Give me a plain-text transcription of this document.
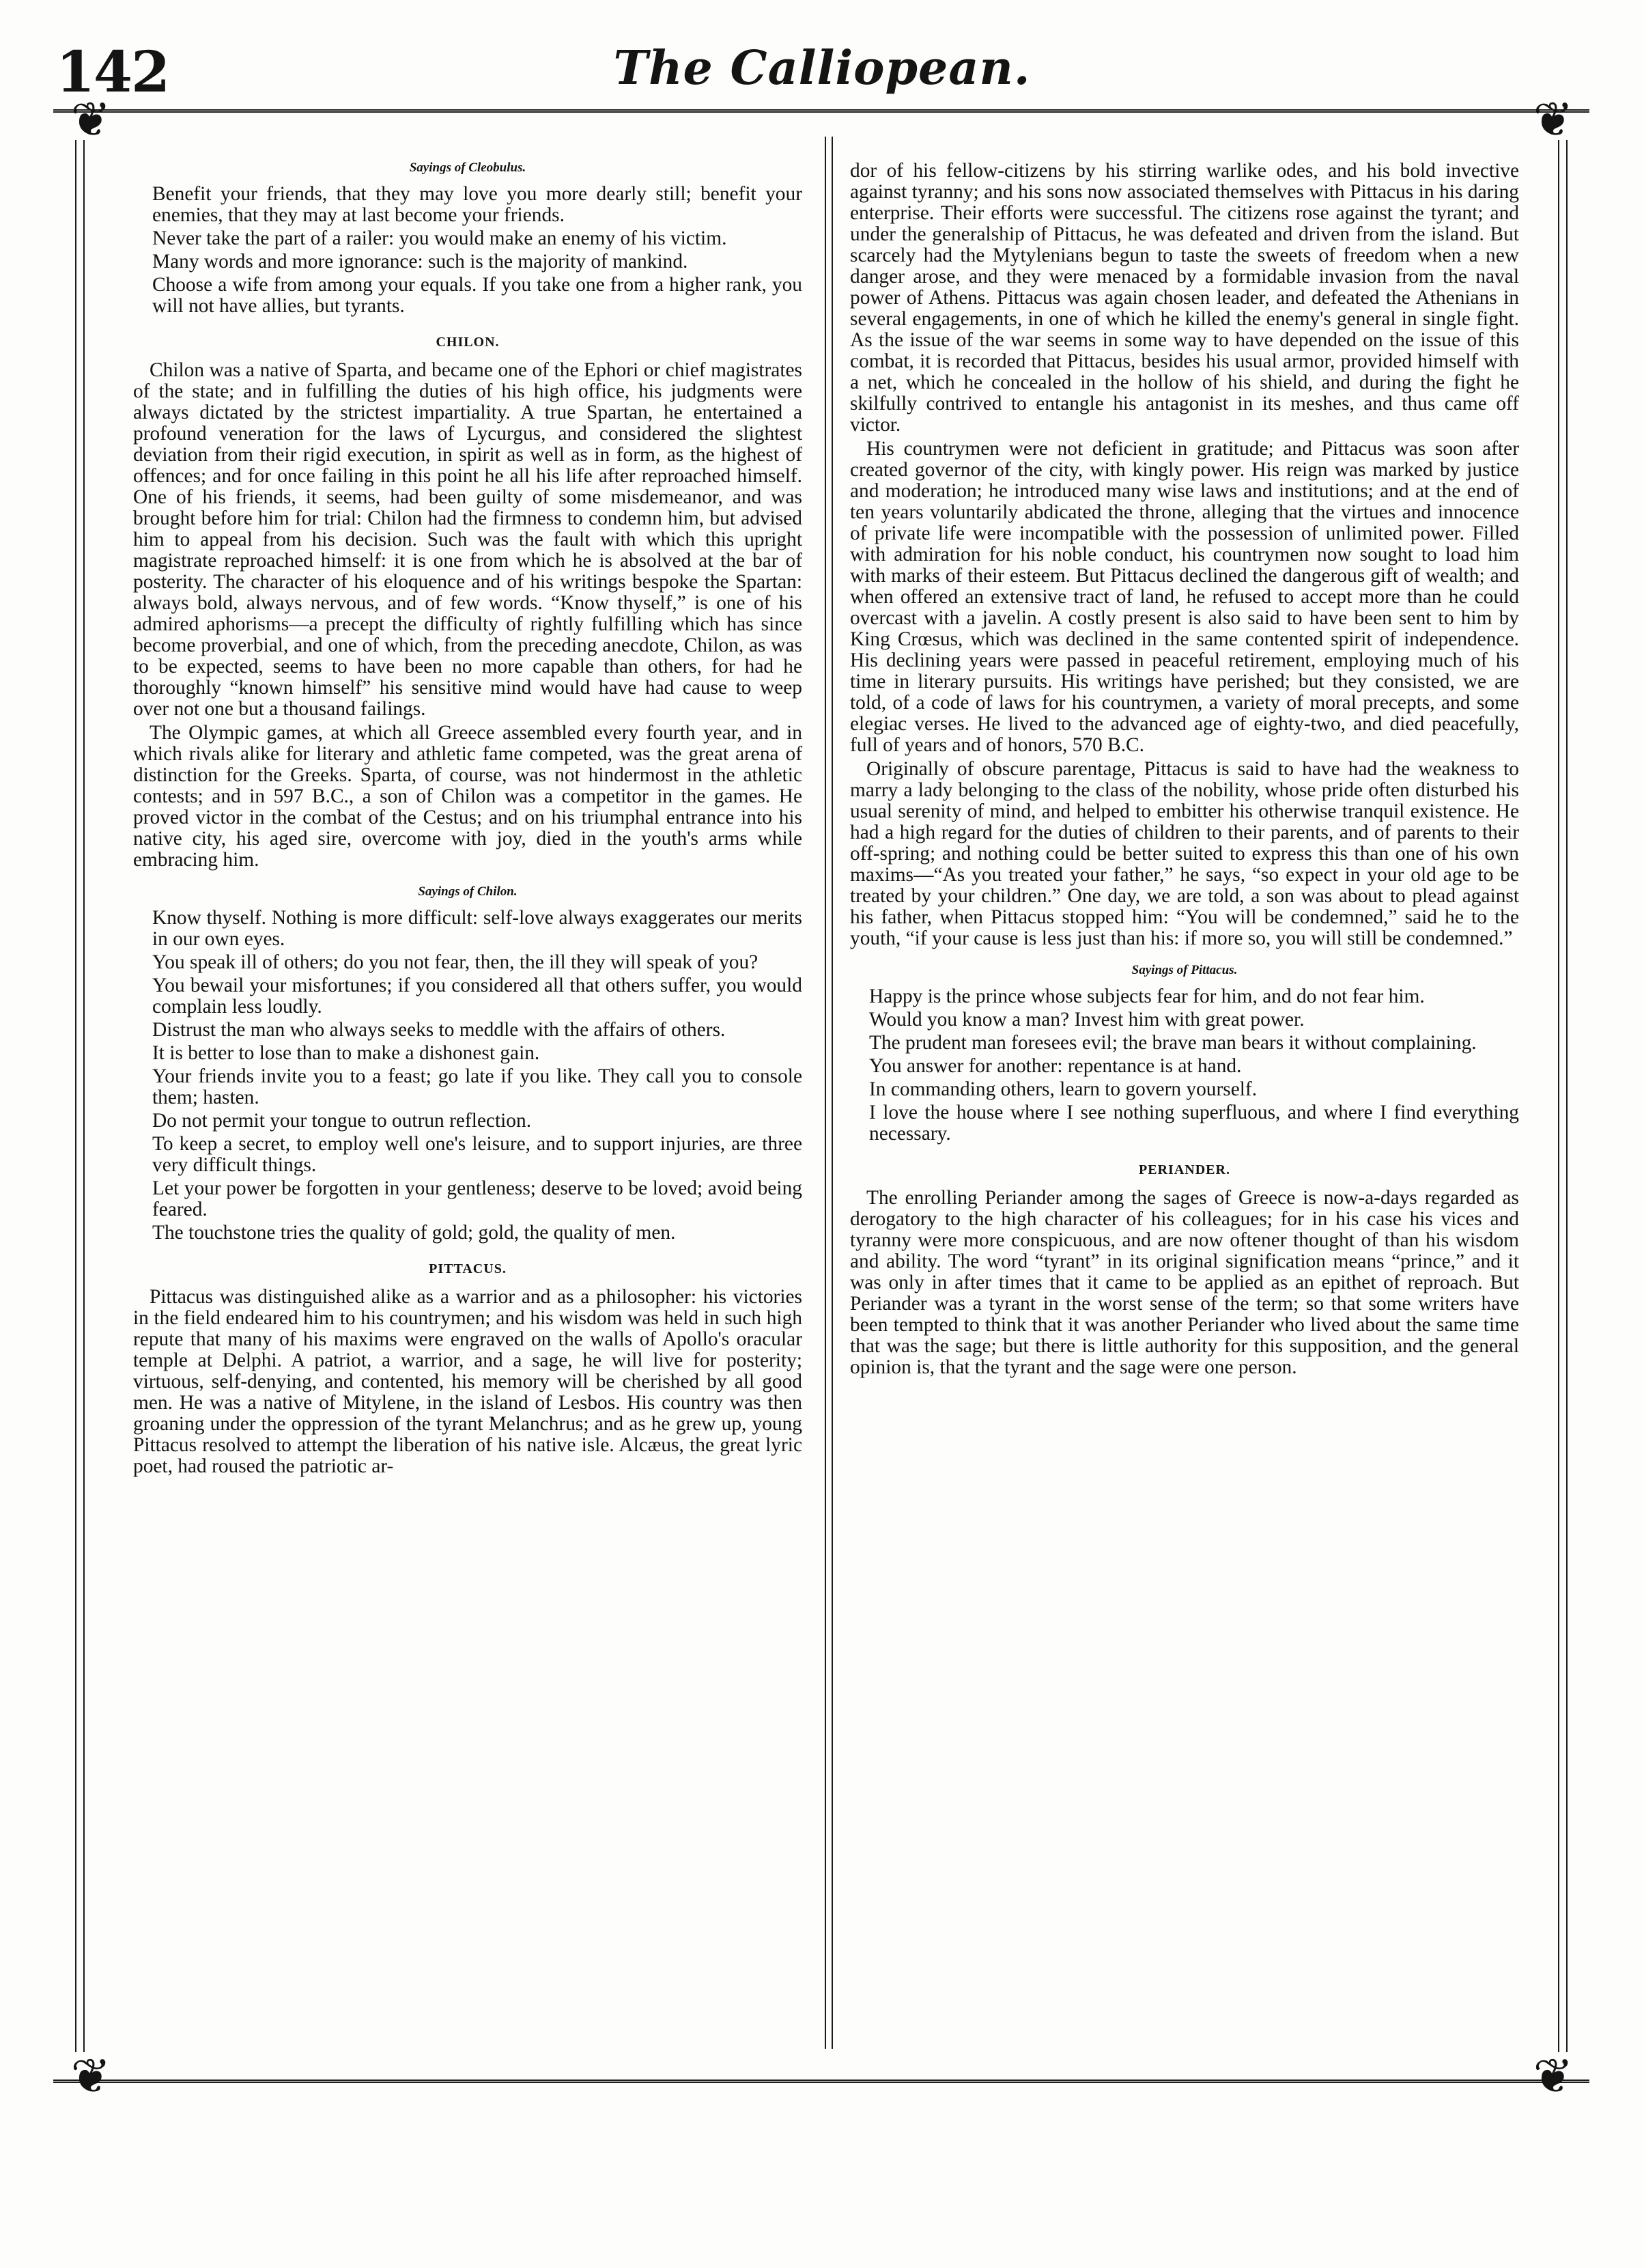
142	The Calliopean.
❦	❦
❦	❦
Sayings of Cleobulus.

Benefit your friends, that they may love you more dearly still; benefit your enemies, that they may at last become your friends.

Never take the part of a railer: you would make an enemy of his victim.

Many words and more ignorance: such is the majority of mankind.

Choose a wife from among your equals. If you take one from a higher rank, you will not have allies, but tyrants.

CHILON.

Chilon was a native of Sparta, and became one of the Ephori or chief magistrates of the state; and in fulfilling the duties of his high office, his judgments were always dictated by the strictest impartiality. A true Spartan, he entertained a profound veneration for the laws of Lycurgus, and considered the slightest deviation from their rigid execution, in spirit as well as in form, as the highest of offences; and for once failing in this point he all his life after reproached himself. One of his friends, it seems, had been guilty of some misdemeanor, and was brought before him for trial: Chilon had the firmness to condemn him, but advised him to appeal from his decision. Such was the fault with which this upright magistrate reproached himself: it is one from which he is absolved at the bar of posterity. The character of his eloquence and of his writings bespoke the Spartan: always bold, always nervous, and of few words. “Know thyself,” is one of his admired aphorisms—a precept the difficulty of rightly fulfilling which has since become proverbial, and one of which, from the preceding anecdote, Chilon, as was to be expected, seems to have been no more capable than others, for had he thoroughly “known himself” his sensitive mind would have had cause to weep over not one but a thousand failings.

The Olympic games, at which all Greece assembled every fourth year, and in which rivals alike for literary and athletic fame competed, was the great arena of distinction for the Greeks. Sparta, of course, was not hindermost in the athletic contests; and in 597 B.C., a son of Chilon was a competitor in the games. He proved victor in the combat of the Cestus; and on his triumphal entrance into his native city, his aged sire, overcome with joy, died in the youth's arms while embracing him.

Sayings of Chilon.

Know thyself. Nothing is more difficult: self-love always exaggerates our merits in our own eyes.

You speak ill of others; do you not fear, then, the ill they will speak of you?

You bewail your misfortunes; if you considered all that others suffer, you would complain less loudly.

Distrust the man who always seeks to meddle with the affairs of others.

It is better to lose than to make a dishonest gain.

Your friends invite you to a feast; go late if you like. They call you to console them; hasten.

Do not permit your tongue to outrun reflection.

To keep a secret, to employ well one's leisure, and to support injuries, are three very difficult things.

Let your power be forgotten in your gentleness; deserve to be loved; avoid being feared.

The touchstone tries the quality of gold; gold, the quality of men.

PITTACUS.

Pittacus was distinguished alike as a warrior and as a philosopher: his victories in the field endeared him to his countrymen; and his wisdom was held in such high repute that many of his maxims were engraved on the walls of Apollo's oracular temple at Delphi. A patriot, a warrior, and a sage, he will live for posterity; virtuous, self-denying, and contented, his memory will be cherished by all good men. He was a native of Mitylene, in the island of Lesbos. His country was then groaning under the oppression of the tyrant Melanchrus; and as he grew up, young Pittacus resolved to attempt the liberation of his native isle. Alcæus, the great lyric poet, had roused the patriotic ar-

dor of his fellow-citizens by his stirring warlike odes, and his bold invective against tyranny; and his sons now associated themselves with Pittacus in his daring enterprise. Their efforts were successful. The citizens rose against the tyrant; and under the generalship of Pittacus, he was defeated and driven from the island. But scarcely had the Mytylenians begun to taste the sweets of freedom when a new danger arose, and they were menaced by a formidable invasion from the naval power of Athens. Pittacus was again chosen leader, and defeated the Athenians in several engagements, in one of which he killed the enemy's general in single fight. As the issue of the war seems in some way to have depended on the issue of this combat, it is recorded that Pittacus, besides his usual armor, provided himself with a net, which he concealed in the hollow of his shield, and during the fight he skilfully contrived to entangle his antagonist in its meshes, and thus came off victor.

His countrymen were not deficient in gratitude; and Pittacus was soon after created governor of the city, with kingly power. His reign was marked by justice and moderation; he introduced many wise laws and institutions; and at the end of ten years voluntarily abdicated the throne, alleging that the virtues and innocence of private life were incompatible with the possession of unlimited power. Filled with admiration for his noble conduct, his countrymen now sought to load him with marks of their esteem. But Pittacus declined the dangerous gift of wealth; and when offered an extensive tract of land, he refused to accept more than he could overcast with a javelin. A costly present is also said to have been sent to him by King Crœsus, which was declined in the same contented spirit of independence. His declining years were passed in peaceful retirement, employing much of his time in literary pursuits. His writings have perished; but they consisted, we are told, of a code of laws for his countrymen, a variety of moral precepts, and some elegiac verses. He lived to the advanced age of eighty-two, and died peacefully, full of years and of honors, 570 B.C.

Originally of obscure parentage, Pittacus is said to have had the weakness to marry a lady belonging to the class of the nobility, whose pride often disturbed his usual serenity of mind, and helped to embitter his otherwise tranquil existence. He had a high regard for the duties of children to their parents, and of parents to their off-spring; and nothing could be better suited to express this than one of his own maxims—“As you treated your father,” he says, “so expect in your old age to be treated by your children.” One day, we are told, a son was about to plead against his father, when Pittacus stopped him: “You will be condemned,” said he to the youth, “if your cause is less just than his: if more so, you will still be condemned.”

Sayings of Pittacus.

Happy is the prince whose subjects fear for him, and do not fear him.

Would you know a man? Invest him with great power.

The prudent man foresees evil; the brave man bears it without complaining.

You answer for another: repentance is at hand.

In commanding others, learn to govern yourself.

I love the house where I see nothing superfluous, and where I find everything necessary.

PERIANDER.

The enrolling Periander among the sages of Greece is now-a-days regarded as derogatory to the high character of his colleagues; for in his case his vices and tyranny were more conspicuous, and are now oftener thought of than his wisdom and ability. The word “tyrant” in its original signification means “prince,” and it was only in after times that it came to be applied as an epithet of reproach. But Periander was a tyrant in the worst sense of the term; so that some writers have been tempted to think that it was another Periander who lived about the same time that was the sage; but there is little authority for this supposition, and the general opinion is, that the tyrant and the sage were one person.
